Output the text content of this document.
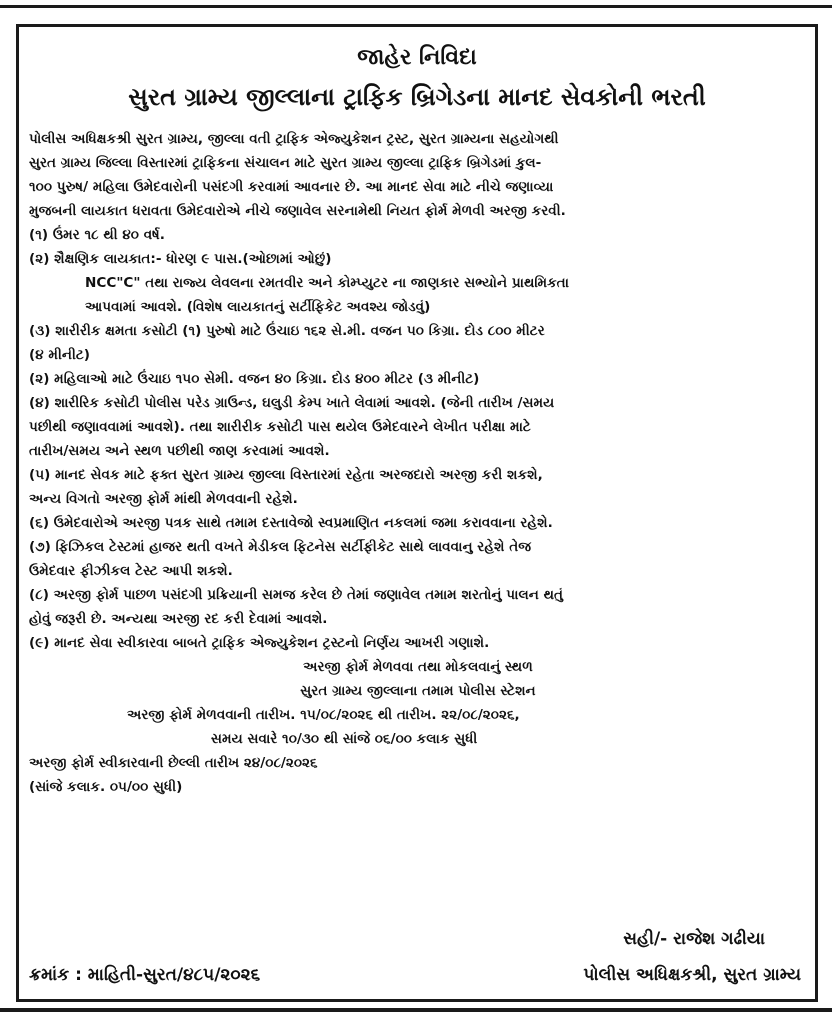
જાહેર નિવિદા
સુરત ગ્રામ્ય જીલ્લાના ટ્રાફિક બ્રિગેડના માનદ સેવકોની ભરતી
પોલીસ અધિક્ષકશ્રી સુરત ગ્રામ્ય, જીલ્લા વતી ટ્રાફિક એજ્યુકેશન ટ્રસ્ટ, સુરત ગ્રામ્યના સહયોગથી
સુરત ગ્રામ્ય જિલ્લા વિસ્તારમાં ટ્રાફિકના સંચાલન માટે સુરત ગ્રામ્ય જીલ્લા ટ્રાફિક બ્રિગેડમાં કુલ-
૧૦૦ પુરુષ/ મહિલા ઉમેદવારોની પસંદગી કરવામાં આવનાર છે. આ માનદ સેવા માટે નીચે જણાવ્યા
મુજબની લાયકાત ધરાવતા ઉમેદવારોએ નીચે જણાવેલ સરનામેથી નિયત ફોર્મ મેળવી અરજી કરવી.
(૧) ઉંમર ૧૮ થી ૪૦ વર્ષ.
(૨) શૈક્ષણિક લાયકાત:- ધોરણ ૯ પાસ.(ઓછામાં ઓછું)
NCC"C" તથા રાજ્ય લેવલના રમતવીર અને કોમ્પ્યુટર ના જાણકાર સભ્યોને પ્રાથમિકતા
આપવામાં આવશે. (વિશેષ લાયકાતનું સર્ટીફિકેટ અવશ્ય જોડવું)
(૩) શારીરીક ક્ષમતા કસોટી (૧) પુરુષો માટે ઉંચાઇ ૧૬૨ સે.મી. વજન ૫૦ કિગ્રા. દોડ ૮૦૦ મીટર
(૪ મીનીટ)
(૨) મહિલાઓ માટે ઉંચાઇ ૧૫૦ સેમી. વજન ૪૦ કિગ્રા. દોડ ૪૦૦ મીટર (૩ મીનીટ)
(૪) શારીરિક કસોટી પોલીસ પરેડ ગ્રાઉન્ડ, ઘલુડી કેમ્પ ખાતે લેવામાં આવશે. (જેની તારીખ /સમય
પછીથી જણાવવામાં આવશે). તથા શારીરીક કસોટી પાસ થયેલ ઉમેદવારને લેખીત પરીક્ષા માટે
તારીખ/સમય અને સ્થળ પછીથી જાણ કરવામાં આવશે.
(૫) માનદ સેવક માટે ફક્ત સુરત ગ્રામ્ય જીલ્લા વિસ્તારમાં રહેતા અરજદારો અરજી કરી શકશે,
અન્ય વિગતો અરજી ફોર્મ માંથી મેળવવાની રહેશે.
(૬) ઉમેદવારોએ અરજી પત્રક સાથે તમામ દસ્તાવેજો સ્વપ્રમાણિત નકલમાં જમા કરાવવાના રહેશે.
(૭) ફિઝિકલ ટેસ્ટમાં હાજર થતી વખતે મેડીકલ ફિટનેસ સર્ટીફીકેટ સાથે લાવવાનુ રહેશે તેજ
ઉમેદવાર ફીઝીકલ ટેસ્ટ આપી શકશે.
(૮) અરજી ફોર્મ પાછળ પસંદગી પ્રક્રિયાની સમજ કરેલ છે તેમાં જણાવેલ તમામ શરતોનું પાલન થતું
હોવું જરૂરી છે. અન્યથા અરજી રદ કરી દેવામાં આવશે.
(૯) માનદ સેવા સ્વીકારવા બાબતે ટ્રાફિક એજ્યુકેશન ટ્રસ્ટનો નિર્ણય આખરી ગણાશે.
અરજી ફોર્મ મેળવવા તથા મોકલવાનું સ્થળ
સુરત ગ્રામ્ય જીલ્લાના તમામ પોલીસ સ્ટેશન
અરજી ફોર્મ મેળવવાની તારીખ. ૧૫/૦૮/૨૦૨૬ થી તારીખ. ૨૨/૦૮/૨૦૨૬,
સમય સવારે ૧૦/૩૦ થી સાંજે ૦૬/૦૦ કલાક સુધી
અરજી ફોર્મ સ્વીકારવાની છેલ્લી તારીખ ૨૪/૦૮/૨૦૨૬
(સાંજે કલાક. ૦૫/૦૦ સુધી)
સહી/- રાજેશ ગઢીયા
ક્રમાંક : માહિતી-સુરત/૪૮૫/૨૦૨૬	પોલીસ અધિક્ષકશ્રી, સુરત ગ્રામ્ય
